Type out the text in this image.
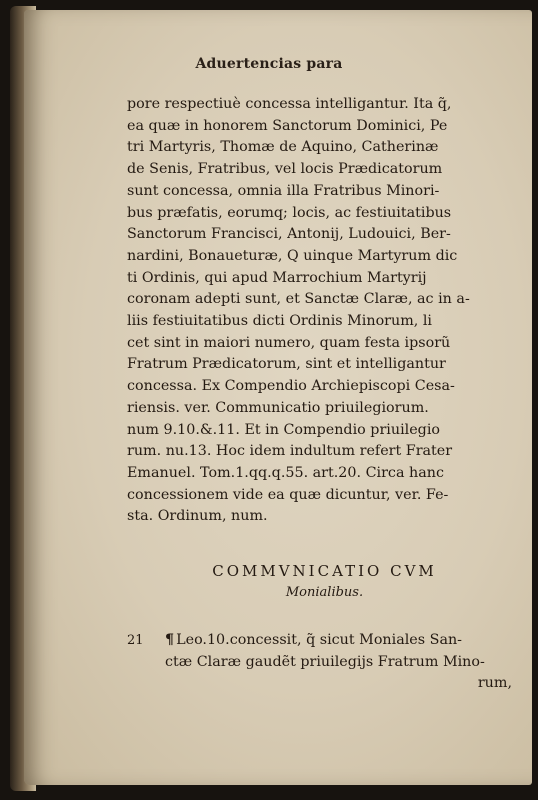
Aduertencias para
pore respectiuè concessa intelligantur. Ita q̃,
ea quæ in honorem Sanctorum Dominici, Pe
tri Martyris, Thomæ de Aquino, Catherinæ
de Senis, Fratribus, vel locis Prædicatorum
sunt concessa, omnia illa Fratribus Minori-
bus præfatis, eorumq; locis, ac festiuitatibus
Sanctorum Francisci, Antonij, Ludouici, Ber-
nardini, Bonaueturæ, Q uinque Martyrum dic
ti Ordinis, qui apud Marrochium Martyrij
coronam adepti sunt, et Sanctæ Claræ, ac in a-
liis festiuitatibus dicti Ordinis Minorum, li
cet sint in maiori numero, quam festa ipsorũ
Fratrum Prædicatorum, sint et intelligantur
concessa. Ex Compendio Archiepiscopi Cesa-
riensis. ver. Communicatio priuilegiorum.
num 9.10.&.11. Et in Compendio priuilegio
rum. nu.13. Hoc idem indultum refert Frater
Emanuel. Tom.1.qq.q.55. art.20. Circa hanc
concessionem vide ea quæ dicuntur, ver. Fe-
sta. Ordinum, num.
COMMVNICATIO CVM
Monialibus.
21 ¶ Leo.10.concessit, q̃ sicut Moniales San-
ctæ Claræ gaudẽt priuilegijs Fratrum Mino-
rum,
